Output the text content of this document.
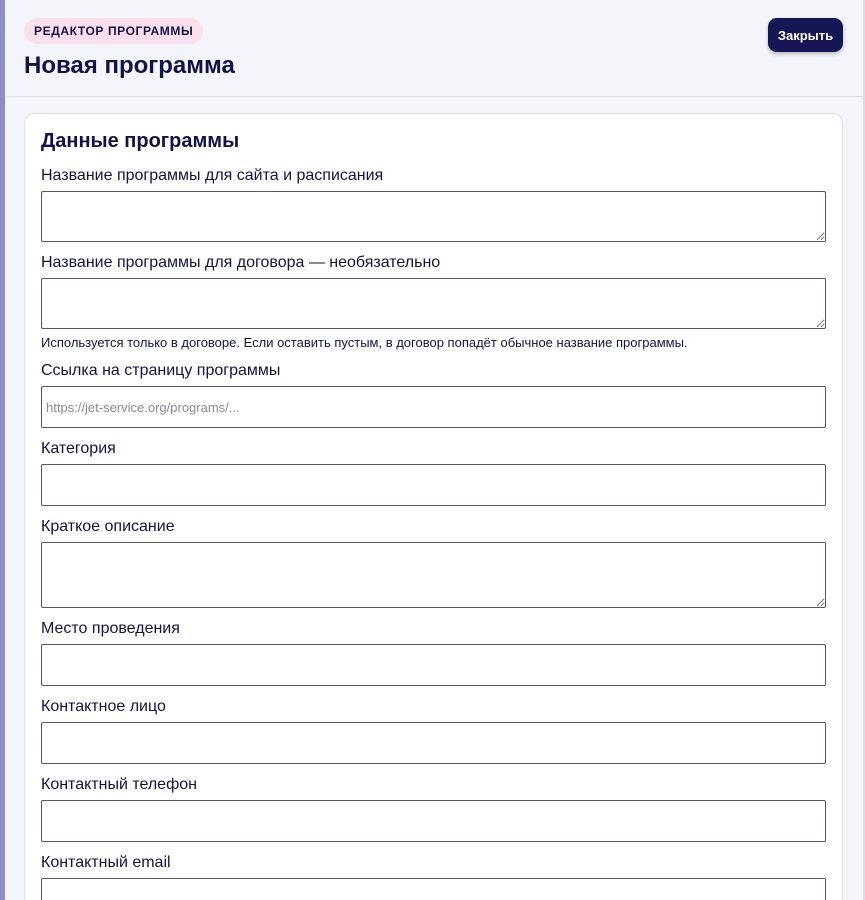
РЕДАКТОР ПРОГРАММЫ
Новая программа
Закрыть
Данные программы
Название программы для сайта и расписания
Название программы для договора — необязательно
Используется только в договоре. Если оставить пустым, в договор попадёт обычное название программы.
Ссылка на страницу программы
https://jet-service.org/programs/...
Категория
Краткое описание
Место проведения
Контактное лицо
Контактный телефон
Контактный email
